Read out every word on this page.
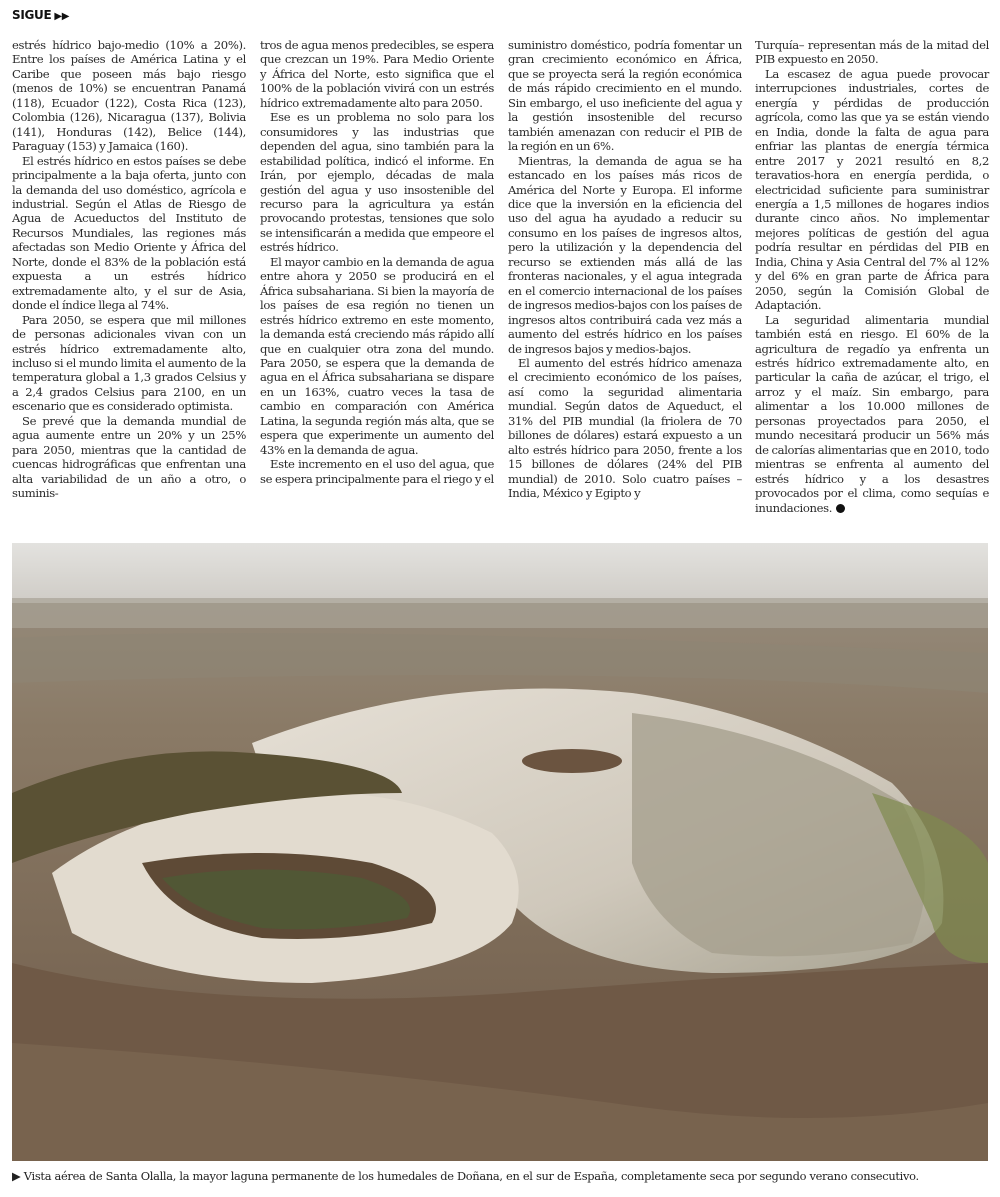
SIGUE ▶▶

estrés hídrico bajo-medio (10% a 20%). Entre los países de América Latina y el Caribe que poseen más bajo riesgo (menos de 10%) se encuentran Panamá (118), Ecuador (122), Costa Rica (123), Colombia (126), Nicaragua (137), Bolivia (141), Honduras (142), Belice (144), Paraguay (153) y Jamaica (160).

El estrés hídrico en estos países se debe principalmente a la baja oferta, junto con la demanda del uso doméstico, agrícola e industrial. Según el Atlas de Riesgo de Agua de Acueductos del Instituto de Recursos Mundiales, las regiones más afectadas son Medio Oriente y África del Norte, donde el 83% de la población está expuesta a un estrés hídrico extremadamente alto, y el sur de Asia, donde el índice llega al 74%.

Para 2050, se espera que mil millones de personas adicionales vivan con un estrés hídrico extremadamente alto, incluso si el mundo limita el aumento de la temperatura global a 1,3 grados Celsius y a 2,4 grados Celsius para 2100, en un escenario que es considerado optimista.

Se prevé que la demanda mundial de agua aumente entre un 20% y un 25% para 2050, mientras que la cantidad de cuencas hidrográficas que enfrentan una alta variabilidad de un año a otro, o suminis-

tros de agua menos predecibles, se espera que crezcan un 19%. Para Medio Oriente y África del Norte, esto significa que el 100% de la población vivirá con un estrés hídrico extremadamente alto para 2050.

Ese es un problema no solo para los consumidores y las industrias que dependen del agua, sino también para la estabilidad política, indicó el informe. En Irán, por ejemplo, décadas de mala gestión del agua y uso insostenible del recurso para la agricultura ya están provocando protestas, tensiones que solo se intensificarán a medida que empeore el estrés hídrico.

El mayor cambio en la demanda de agua entre ahora y 2050 se producirá en el África subsahariana. Si bien la mayoría de los países de esa región no tienen un estrés hídrico extremo en este momento, la demanda está creciendo más rápido allí que en cualquier otra zona del mundo. Para 2050, se espera que la demanda de agua en el África subsahariana se dispare en un 163%, cuatro veces la tasa de cambio en comparación con América Latina, la segunda región más alta, que se espera que experimente un aumento del 43% en la demanda de agua.

Este incremento en el uso del agua, que se espera principalmente para el riego y el

suministro doméstico, podría fomentar un gran crecimiento económico en África, que se proyecta será la región económica de más rápido crecimiento en el mundo. Sin embargo, el uso ineficiente del agua y la gestión insostenible del recurso también amenazan con reducir el PIB de la región en un 6%.

Mientras, la demanda de agua se ha estancado en los países más ricos de América del Norte y Europa. El informe dice que la inversión en la eficiencia del uso del agua ha ayudado a reducir su consumo en los países de ingresos altos, pero la utilización y la dependencia del recurso se extienden más allá de las fronteras nacionales, y el agua integrada en el comercio internacional de los países de ingresos medios-bajos con los países de ingresos altos contribuirá cada vez más a aumento del estrés hídrico en los países de ingresos bajos y medios-bajos.

El aumento del estrés hídrico amenaza el crecimiento económico de los países, así como la seguridad alimentaria mundial. Según datos de Aqueduct, el 31% del PIB mundial (la friolera de 70 billones de dólares) estará expuesto a un alto estrés hídrico para 2050, frente a los 15 billones de dólares (24% del PIB mundial) de 2010. Solo cuatro países –India, México y Egipto y

Turquía– representan más de la mitad del PIB expuesto en 2050.

La escasez de agua puede provocar interrupciones industriales, cortes de energía y pérdidas de producción agrícola, como las que ya se están viendo en India, donde la falta de agua para enfriar las plantas de energía térmica entre 2017 y 2021 resultó en 8,2 teravatios-hora en energía perdida, o electricidad suficiente para suministrar energía a 1,5 millones de hogares indios durante cinco años. No implementar mejores políticas de gestión del agua podría resultar en pérdidas del PIB en India, China y Asia Central del 7% al 12% y del 6% en gran parte de África para 2050, según la Comisión Global de Adaptación.

La seguridad alimentaria mundial también está en riesgo. El 60% de la agricultura de regadío ya enfrenta un estrés hídrico extremadamente alto, en particular la caña de azúcar, el trigo, el arroz y el maíz. Sin embargo, para alimentar a los 10.000 millones de personas proyectados para 2050, el mundo necesitará producir un 56% más de calorías alimentarias que en 2010, todo mientras se enfrenta al aumento del estrés hídrico y a los desastres provocados por el clima, como sequías e inundaciones.

▶ Vista aérea de Santa Olalla, la mayor laguna permanente de los humedales de Doñana, en el sur de España, completamente seca por segundo verano consecutivo.
